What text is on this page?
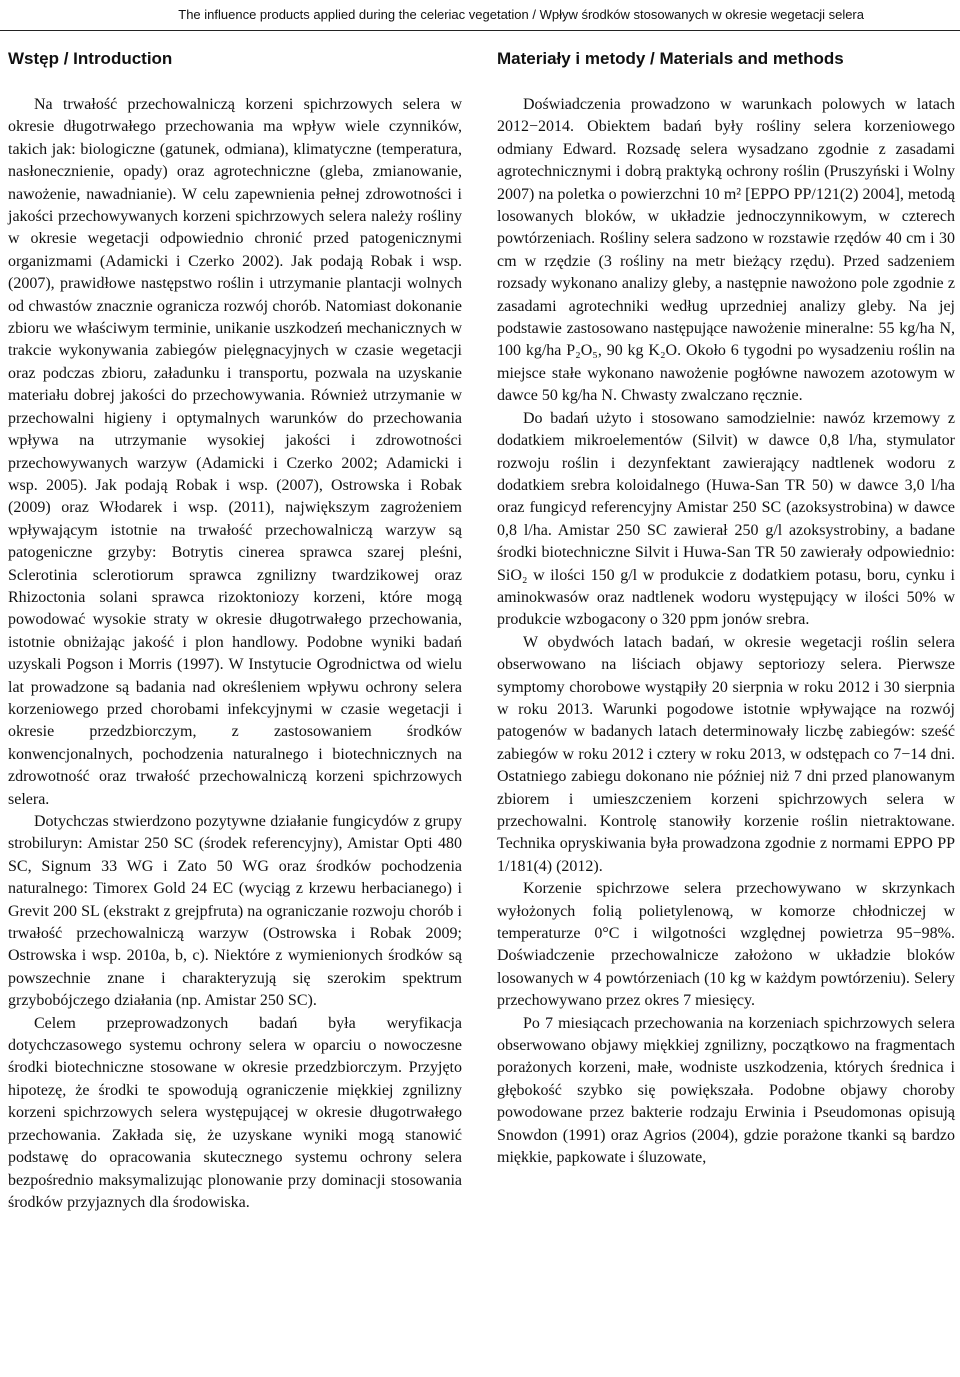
The influence products applied during the celeriac vegetation / Wpływ środków stosowanych w okresie wegetacji selera
Wstęp / Introduction

Na trwałość przechowalniczą korzeni spichrzowych selera w okresie długotrwałego przechowania ma wpływ wiele czynników, takich jak: biologiczne (gatunek, odmiana), klimatyczne (temperatura, nasłonecznienie, opady) oraz agrotechniczne (gleba, zmianowanie, nawożenie, nawadnianie). W celu zapewnienia pełnej zdrowotności i jakości przechowywanych korzeni spichrzowych selera należy rośliny w okresie wegetacji odpowiednio chronić przed patogenicznymi organizmami (Adamicki i Czerko 2002). Jak podają Robak i wsp. (2007), prawidłowe następstwo roślin i utrzymanie plantacji wolnych od chwastów znacznie ogranicza rozwój chorób. Natomiast dokonanie zbioru we właściwym terminie, unikanie uszkodzeń mechanicznych w trakcie wykonywania zabiegów pielęgnacyjnych w czasie wegetacji oraz podczas zbioru, załadunku i transportu, pozwala na uzyskanie materiału dobrej jakości do przechowywania. Również utrzymanie w przechowalni higieny i optymalnych warunków do przechowania wpływa na utrzymanie wysokiej jakości i zdrowotności przechowywanych warzyw (Adamicki i Czerko 2002; Adamicki i wsp. 2005). Jak podają Robak i wsp. (2007), Ostrowska i Robak (2009) oraz Włodarek i wsp. (2011), największym zagrożeniem wpływającym istotnie na trwałość przechowalniczą warzyw są patogeniczne grzyby: Botrytis cinerea sprawca szarej pleśni, Sclerotinia sclerotiorum sprawca zgnilizny twardzikowej oraz Rhizoctonia solani sprawca rizoktoniozy korzeni, które mogą powodować wysokie straty w okresie długotrwałego przechowania, istotnie obniżając jakość i plon handlowy. Podobne wyniki badań uzyskali Pogson i Morris (1997). W Instytucie Ogrodnictwa od wielu lat prowadzone są badania nad określeniem wpływu ochrony selera korzeniowego przed chorobami infekcyjnymi w czasie wegetacji i okresie przedzbiorczym, z zastosowaniem środków konwencjonalnych, pochodzenia naturalnego i biotechnicznych na zdrowotność oraz trwałość przechowalniczą korzeni spichrzowych selera.

Dotychczas stwierdzono pozytywne działanie fungicydów z grupy strobiluryn: Amistar 250 SC (środek referencyjny), Amistar Opti 480 SC, Signum 33 WG i Zato 50 WG oraz środków pochodzenia naturalnego: Timorex Gold 24 EC (wyciąg z krzewu herbacianego) i Grevit 200 SL (ekstrakt z grejpfruta) na ograniczanie rozwoju chorób i trwałość przechowalniczą warzyw (Ostrowska i Robak 2009; Ostrowska i wsp. 2010a, b, c). Niektóre z wymienionych środków są powszechnie znane i charakteryzują się szerokim spektrum grzybobójczego działania (np. Amistar 250 SC).

Celem przeprowadzonych badań była weryfikacja dotychczasowego systemu ochrony selera w oparciu o nowoczesne środki biotechniczne stosowane w okresie przedzbiorczym. Przyjęto hipotezę, że środki te spowodują ograniczenie miękkiej zgnilizny korzeni spichrzowych selera występującej w okresie długotrwałego przechowania. Zakłada się, że uzyskane wyniki mogą stanowić podstawę do opracowania skutecznego systemu ochrony selera bezpośrednio maksymalizując plonowanie przy dominacji stosowania środków przyjaznych dla środowiska.

Materiały i metody / Materials and methods

Doświadczenia prowadzono w warunkach polowych w latach 2012−2014. Obiektem badań były rośliny selera korzeniowego odmiany Edward. Rozsadę selera wysadzano zgodnie z zasadami agrotechnicznymi i dobrą praktyką ochrony roślin (Pruszyński i Wolny 2007) na poletka o powierzchni 10 m² [EPPO PP/121(2) 2004], metodą losowanych bloków, w układzie jednoczynnikowym, w czterech powtórzeniach. Rośliny selera sadzono w rozstawie rzędów 40 cm i 30 cm w rzędzie (3 rośliny na metr bieżący rzędu). Przed sadzeniem rozsady wykonano analizy gleby, a następnie nawożono pole zgodnie z zasadami agrotechniki według uprzedniej analizy gleby. Na jej podstawie zastosowano następujące nawożenie mineralne: 55 kg/ha N, 100 kg/ha P₂O₅, 90 kg K₂O. Około 6 tygodni po wysadzeniu roślin na miejsce stałe wykonano nawożenie pogłówne nawozem azotowym w dawce 50 kg/ha N. Chwasty zwalczano ręcznie.

Do badań użyto i stosowano samodzielnie: nawóz krzemowy z dodatkiem mikroelementów (Silvit) w dawce 0,8 l/ha, stymulator rozwoju roślin i dezynfektant zawierający nadtlenek wodoru z dodatkiem srebra koloidalnego (Huwa-San TR 50) w dawce 3,0 l/ha oraz fungicyd referencyjny Amistar 250 SC (azoksystrobina) w dawce 0,8 l/ha. Amistar 250 SC zawierał 250 g/l azoksystrobiny, a badane środki biotechniczne Silvit i Huwa-San TR 50 zawierały odpowiednio: SiO₂ w ilości 150 g/l w produkcie z dodatkiem potasu, boru, cynku i aminokwasów oraz nadtlenek wodoru występujący w ilości 50% w produkcie wzbogacony o 320 ppm jonów srebra.

W obydwóch latach badań, w okresie wegetacji roślin selera obserwowano na liściach objawy septoriozy selera. Pierwsze symptomy chorobowe wystąpiły 20 sierpnia w roku 2012 i 30 sierpnia w roku 2013. Warunki pogodowe istotnie wpływające na rozwój patogenów w badanych latach determinowały liczbę zabiegów: sześć zabiegów w roku 2012 i cztery w roku 2013, w odstępach co 7−14 dni. Ostatniego zabiegu dokonano nie później niż 7 dni przed planowanym zbiorem i umieszczeniem korzeni spichrzowych selera w przechowalni. Kontrolę stanowiły korzenie roślin nietraktowane. Technika opryskiwania była prowadzona zgodnie z normami EPPO PP 1/181(4) (2012).

Korzenie spichrzowe selera przechowywano w skrzynkach wyłożonych folią polietylenową, w komorze chłodniczej w temperaturze 0°C i wilgotności względnej powietrza 95−98%. Doświadczenie przechowalnicze założono w układzie bloków losowanych w 4 powtórzeniach (10 kg w każdym powtórzeniu). Selery przechowywano przez okres 7 miesięcy.

Po 7 miesiącach przechowania na korzeniach spichrzowych selera obserwowano objawy miękkiej zgnilizny, początkowo na fragmentach porażonych korzeni, małe, wodniste uszkodzenia, których średnica i głębokość szybko się powiększała. Podobne objawy choroby powodowane przez bakterie rodzaju Erwinia i Pseudomonas opisują Snowdon (1991) oraz Agrios (2004), gdzie porażone tkanki są bardzo miękkie, papkowate i śluzowate,
